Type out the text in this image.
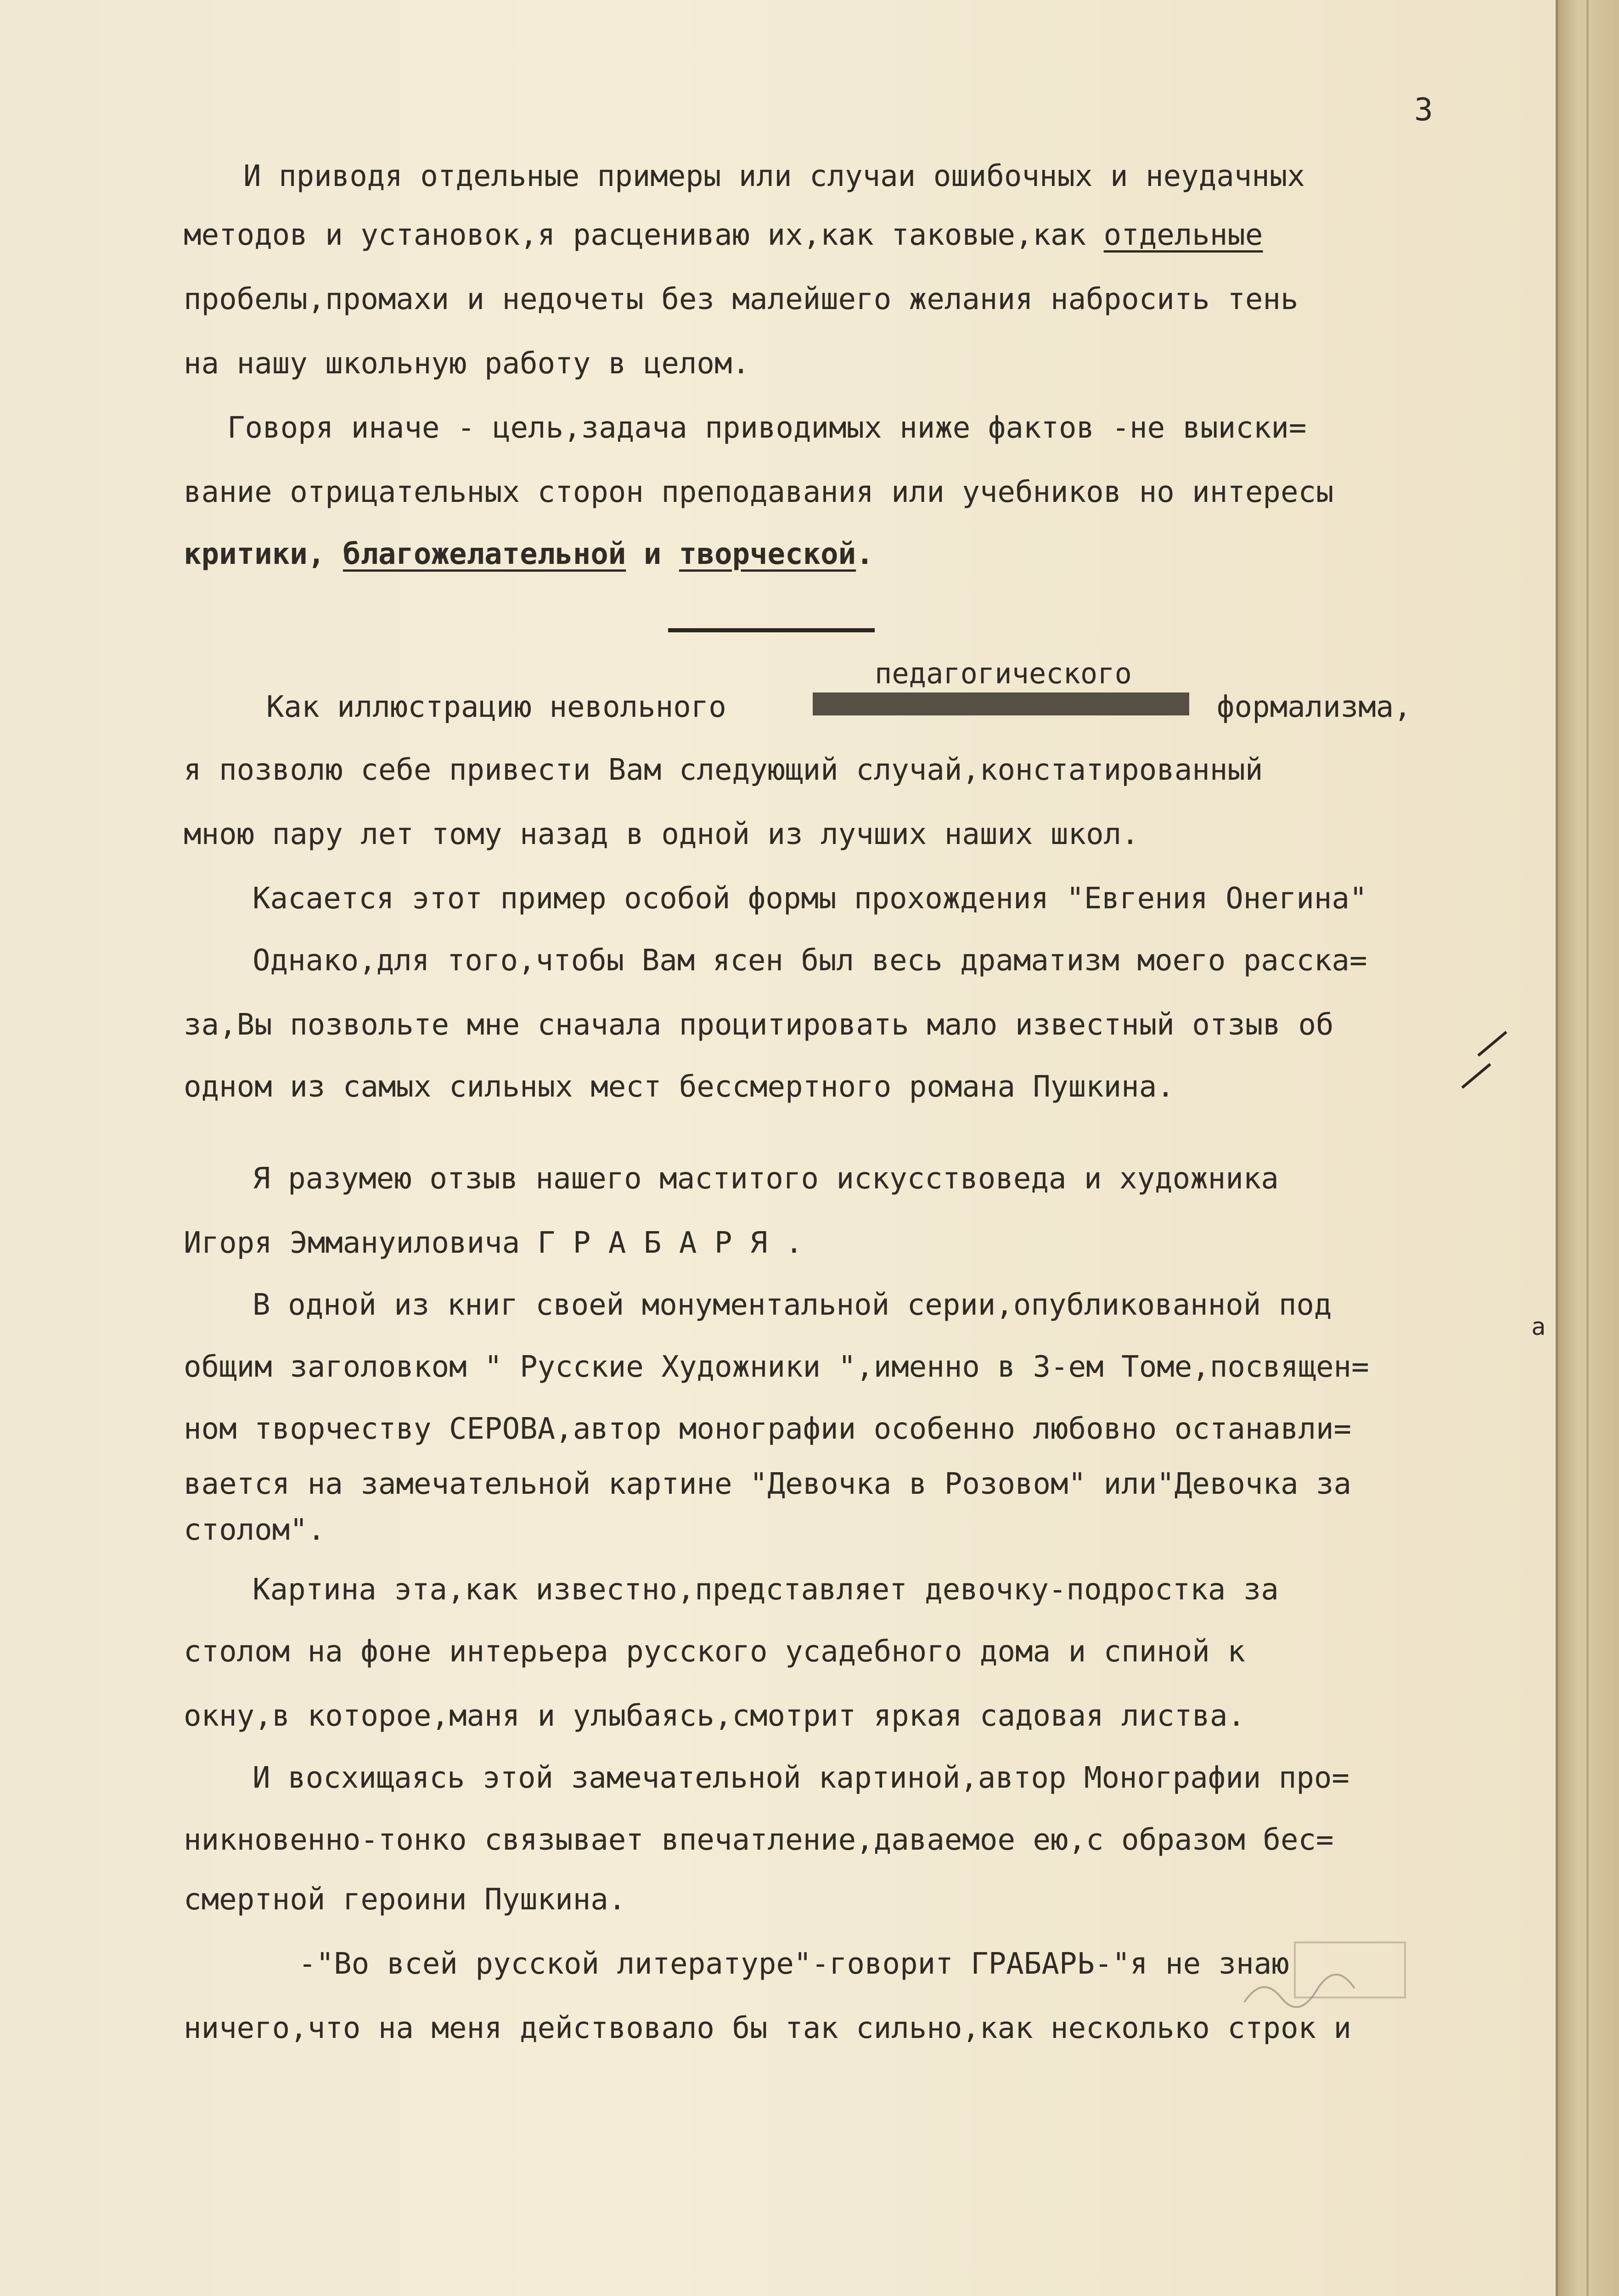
3
И приводя отдельные примеры или случаи ошибочных и неудачных
методов и установок,я расцениваю их,как таковые,как отдельные
пробелы,промахи и недочеты без малейшего желания набросить тень
на нашу школьную работу в целом.
Говоря иначе - цель,задача приводимых ниже фактов -не выиски=
вание отрицательных сторон преподавания или учебников но интересы
критики, благожелательной и творческой.
педагогического
Как иллюстрацию невольного	формализма,
я позволю себе привести Вам следующий случай,констатированный
мною пару лет тому назад в одной из лучших наших школ.
Касается этот пример особой формы прохождения "Евгения Онегина"
Однако,для того,чтобы Вам ясен был весь драматизм моего расска=
за,Вы позвольте мне сначала процитировать мало известный отзыв об
одном из самых сильных мест бессмертного романа Пушкина.
Я разумею отзыв нашего маститого искусствоведа и художника
Игоря Эммануиловича Г Р А Б А Р Я .
В одной из книг своей монументальной серии,опубликованной под
общим заголовком " Русские Художники ",именно в 3-ем Томе,посвящен=
ном творчеству СЕРОВА,автор монографии особенно любовно останавли=
вается на замечательной картине "Девочка в Розовом" или"Девочка за
столом".
а
Картина эта,как известно,представляет девочку-подростка за
столом на фоне интерьера русского усадебного дома и спиной к
окну,в которое,маня и улыбаясь,смотрит яркая садовая листва.
И восхищаясь этой замечательной картиной,автор Монографии про=
никновенно-тонко связывает впечатление,даваемое ею,с образом бес=
смертной героини Пушкина.
-"Во всей русской литературе"-говорит ГРАБАРЬ-"я не знаю
ничего,что на меня действовало бы так сильно,как несколько строк и
